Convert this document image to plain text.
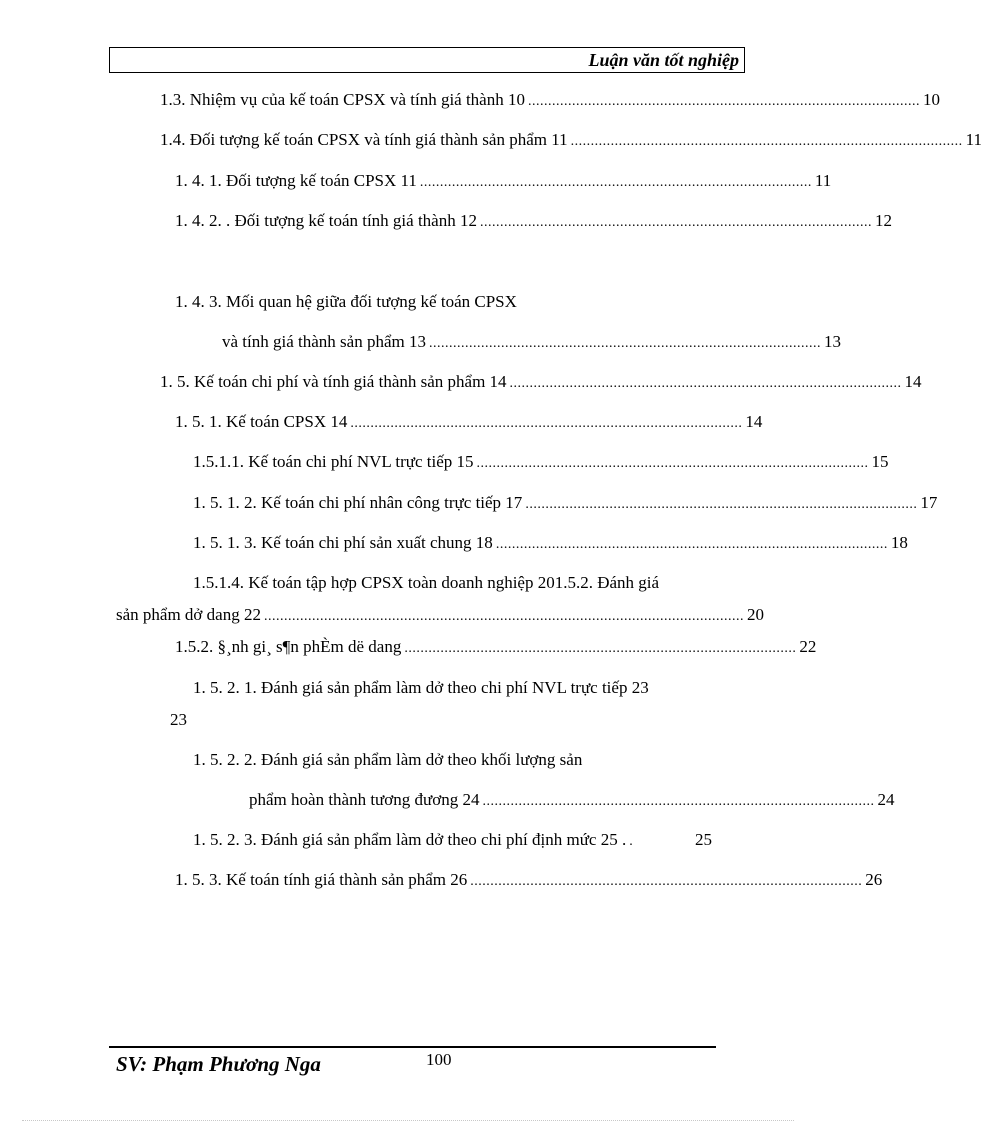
Luận văn tốt nghiệp
1.3. Nhiệm vụ của kế toán CPSX và tính giá thành 10 .................................................................................................. 10
1.4. Đối tượng kế toán CPSX và tính giá thành sản phẩm 11 .................................................................................................. 11
1. 4. 1. Đối tượng kế toán CPSX 11 .................................................................................................. 11
1. 4. 2. . Đối tượng kế toán tính giá thành 12 .................................................................................................. 12
1. 4. 3. Mối quan hệ giữa đối tượng kế toán CPSX
và tính giá thành sản phẩm 13 .................................................................................................. 13
1. 5. Kế toán chi phí và tính giá thành sản phẩm 14 .................................................................................................. 14
1. 5. 1. Kế toán CPSX 14 .................................................................................................. 14
1.5.1.1. Kế toán chi phí NVL trực tiếp 15 .................................................................................................. 15
1. 5. 1. 2. Kế toán chi phí nhân công trực tiếp 17 .................................................................................................. 17
1. 5. 1. 3. Kế toán chi phí sản xuất chung 18 .................................................................................................. 18
1.5.1.4. Kế toán tập hợp CPSX toàn doanh nghiệp 201.5.2. Đánh giá
sản phẩm dở dang 22 ........................................................................................................................ 20
1.5.2. §¸nh gi¸ s¶n phÈm dë dang .................................................................................................. 22
1. 5. 2. 1. Đánh giá sản phẩm làm dở theo chi phí NVL trực tiếp 23
23
1. 5. 2. 2. Đánh giá sản phẩm làm dở theo khối lượng sản
phẩm hoàn thành tương đương 24 .................................................................................................. 24
1. 5. 2. 3. Đánh giá sản phẩm làm dở theo chi phí định mức 25 . .	25
1. 5. 3. Kế toán tính giá thành sản phẩm 26 .................................................................................................. 26
SV: Phạm Phương Nga	100
